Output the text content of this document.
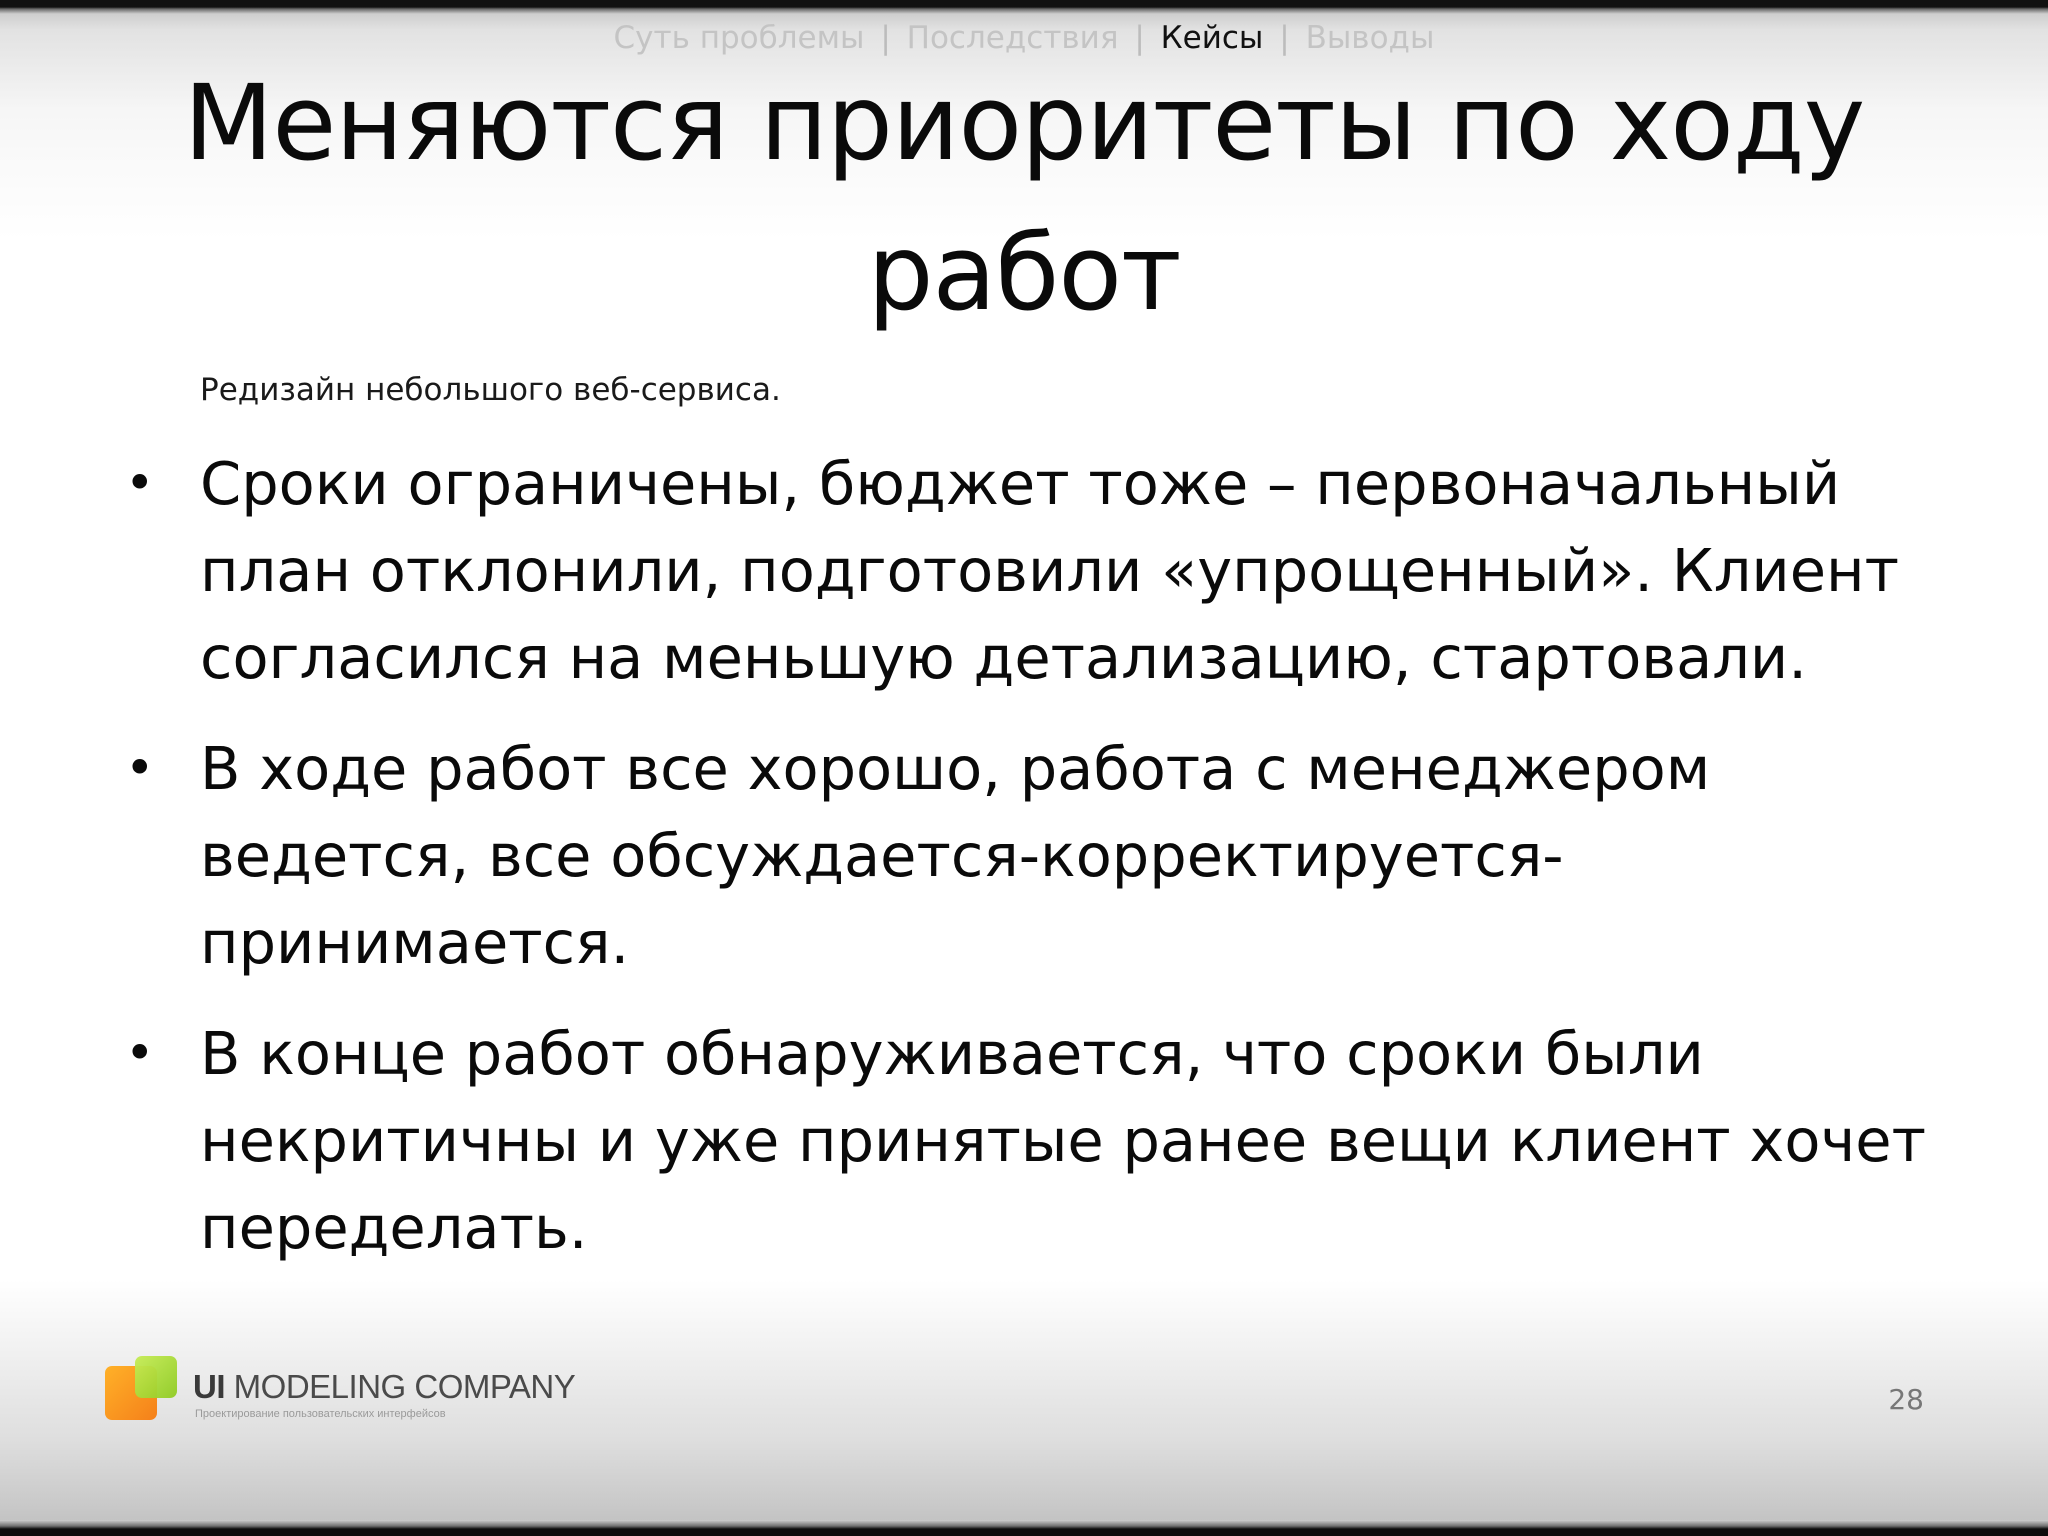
Суть проблемы | Последствия | Кейсы | Выводы
Меняются приоритеты по ходу работ
Редизайн небольшого веб-сервиса.
• Сроки ограничены, бюджет тоже – первоначальный план отклонили, подготовили «упрощенный». Клиент согласился на меньшую детализацию, стартовали.
• В ходе работ все хорошо, работа с менеджером ведется, все обсуждается-корректируется-принимается.
• В конце работ обнаруживается, что сроки были некритичны и уже принятые ранее вещи клиент хочет переделать.
UI MODELING COMPANY
Проектирование пользовательских интерфейсов	28
